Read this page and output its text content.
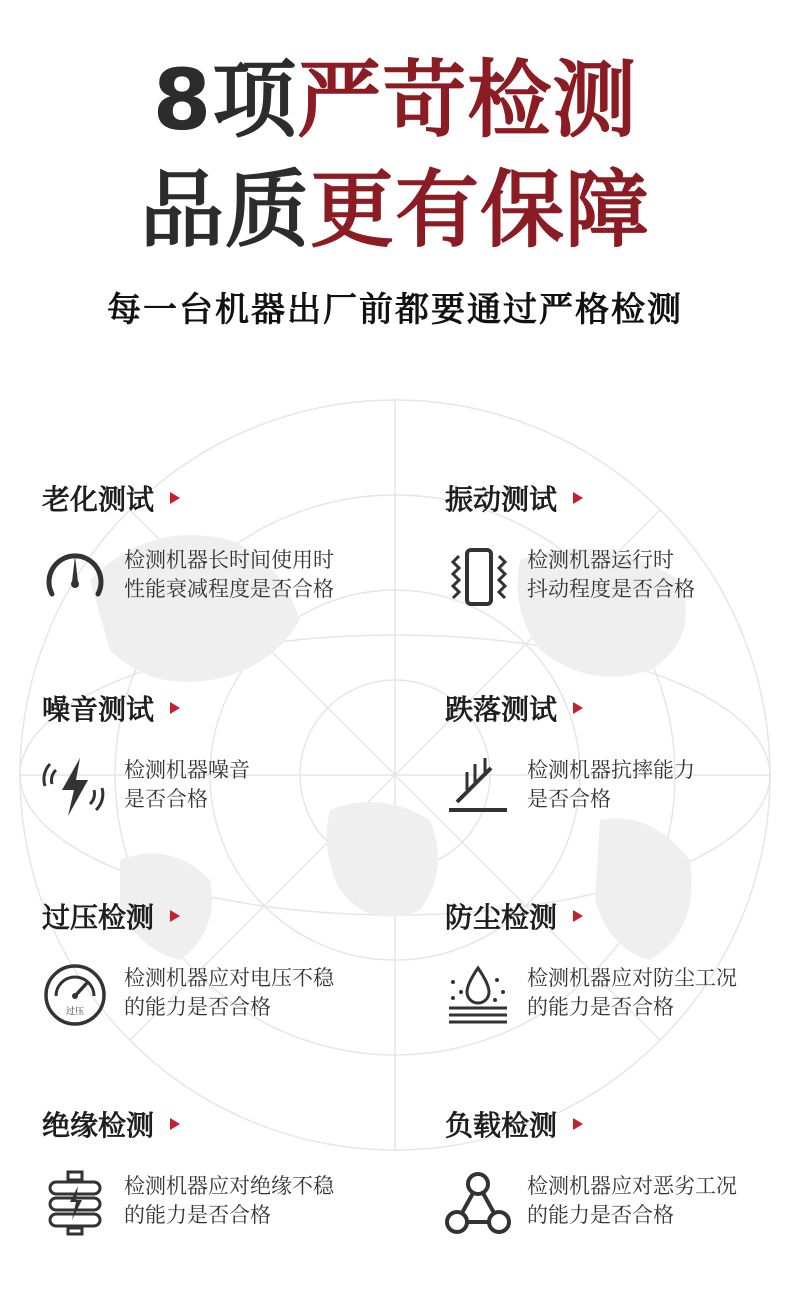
8项严苛检测
品质更有保障
每一台机器出厂前都要通过严格检测
老化测试
检测机器长时间使用时
性能衰减程度是否合格
振动测试
检测机器运行时
抖动程度是否合格
噪音测试
检测机器噪音
是否合格
跌落测试
检测机器抗摔能力
是否合格
过压检测
过压
检测机器应对电压不稳
的能力是否合格
防尘检测
检测机器应对防尘工况
的能力是否合格
绝缘检测
检测机器应对绝缘不稳
的能力是否合格
负载检测
检测机器应对恶劣工况
的能力是否合格
